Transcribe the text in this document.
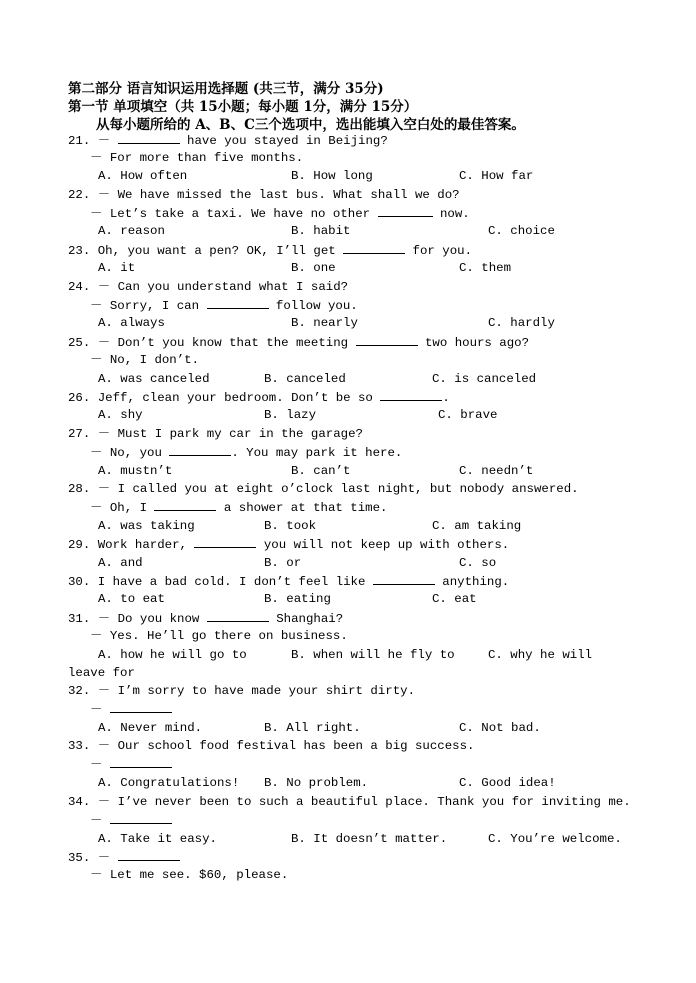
第二部分 语言知识运用选择题 (共三节，满分 35分)
第一节 单项填空（共 15小题；每小题 1分，满分 15分）
从每小题所给的 A、B、C三个选项中，选出能填入空白处的最佳答案。
21. －	have you stayed in Beijing?
－ For more than five months.
A. How often	B. How long	C. How far
22. － We have missed the last bus. What shall we do?
－ Let’s take a taxi. We have no other	now.
A. reason	B. habit	C. choice
23. Oh, you want a pen? OK, I’ll get	for you.
A. it	B. one	C. them
24. － Can you understand what I said?
－ Sorry, I can	follow you.
A. always	B. nearly	C. hardly
25. － Don’t you know that the meeting	two hours ago?
－ No, I don’t.
A. was canceled	B. canceled	C. is canceled
26. Jeff, clean your bedroom. Don’t be so	.
A. shy	B. lazy	C. brave
27. － Must I park my car in the garage?
－ No, you	. You may park it here.
A. mustn’t	B. can’t	C. needn’t
28. － I called you at eight o’clock last night, but nobody answered.
－ Oh, I	a shower at that time.
A. was taking	B. took	C. am taking
29. Work harder,	you will not keep up with others.
A. and	B. or	C. so
30. I have a bad cold. I don’t feel like	anything.
A. to eat	B. eating	C. eat
31. － Do you know	Shanghai?
－ Yes. He’ll go there on business.
A. how he will go to	B. when will he fly to	C. why he will
leave for
32. － I’m sorry to have made your shirt dirty.
－
A. Never mind.	B. All right.	C. Not bad.
33. － Our school food festival has been a big success.
－
A. Congratulations! B. No problem.	C. Good idea!
34. － I’ve never been to such a beautiful place. Thank you for inviting me.
－
A. Take it easy.	B. It doesn’t matter.	C. You’re welcome.
35. －
－ Let me see. $60, please.
